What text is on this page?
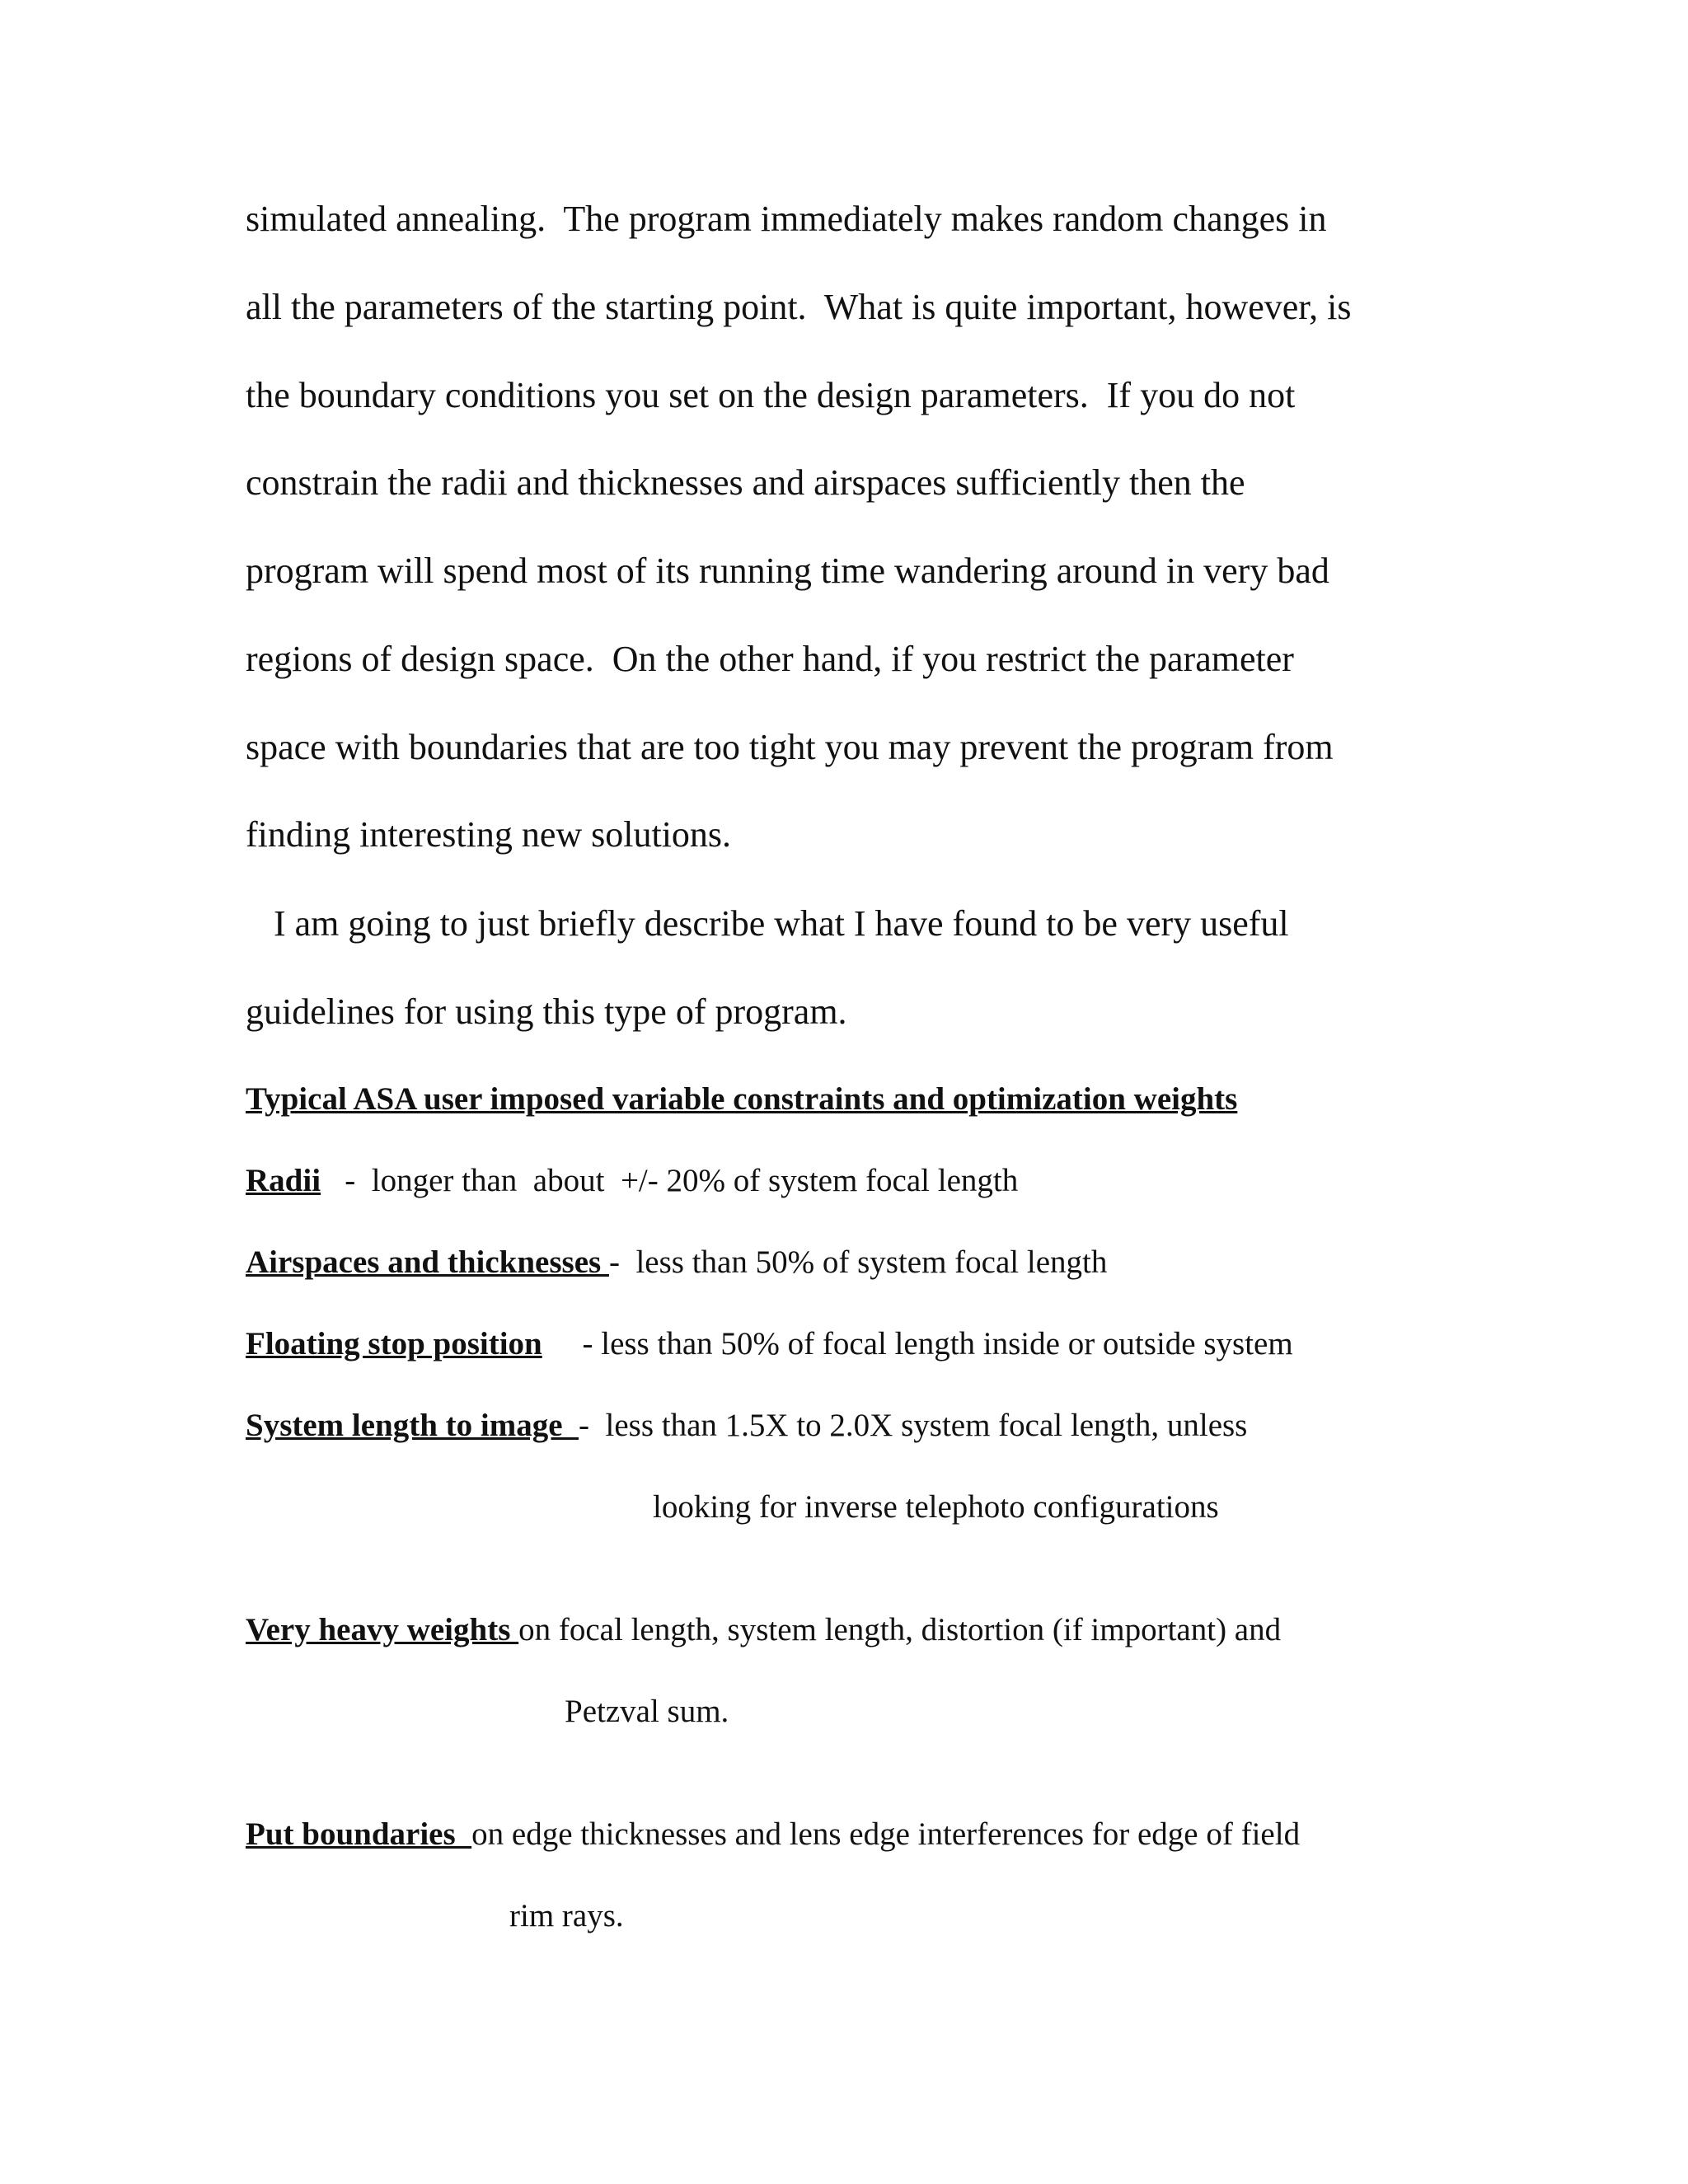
simulated annealing.  The program immediately makes random changes in
all the parameters of the starting point.  What is quite important, however, is
the boundary conditions you set on the design parameters.  If you do not
constrain the radii and thicknesses and airspaces sufficiently then the
program will spend most of its running time wandering around in very bad
regions of design space.  On the other hand, if you restrict the parameter
space with boundaries that are too tight you may prevent the program from
finding interesting new solutions.
I am going to just briefly describe what I have found to be very useful
guidelines for using this type of program.
Typical ASA user imposed variable constraints and optimization weights
Radii   -  longer than  about  +/- 20% of system focal length
Airspaces and thicknesses -  less than 50% of system focal length
Floating stop position     - less than 50% of focal length inside or outside system
System length to image  -  less than 1.5X to 2.0X system focal length, unless
looking for inverse telephoto configurations
Very heavy weights on focal length, system length, distortion (if important) and
Petzval sum.
Put boundaries  on edge thicknesses and lens edge interferences for edge of field
rim rays.
